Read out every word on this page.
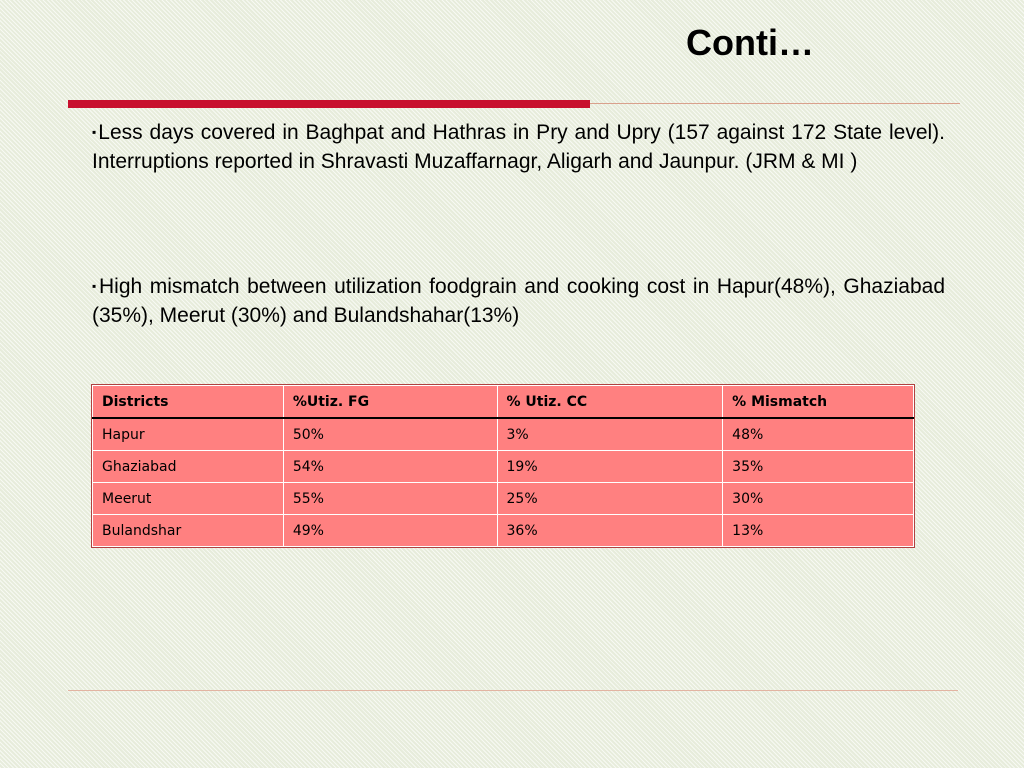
Conti…
▪Less days covered in Baghpat and Hathras in Pry and Upry (157 against 172 State level). Interruptions reported in Shravasti Muzaffarnagr, Aligarh and Jaunpur. (JRM & MI )
▪High mismatch between utilization foodgrain and cooking cost in Hapur(48%), Ghaziabad (35%), Meerut (30%) and Bulandshahar(13%)
Districts	%Utiz. FG	% Utiz. CC	% Mismatch
Hapur	50%	3%	48%
Ghaziabad	54%	19%	35%
Meerut	55%	25%	30%
Bulandshar	49%	36%	13%
